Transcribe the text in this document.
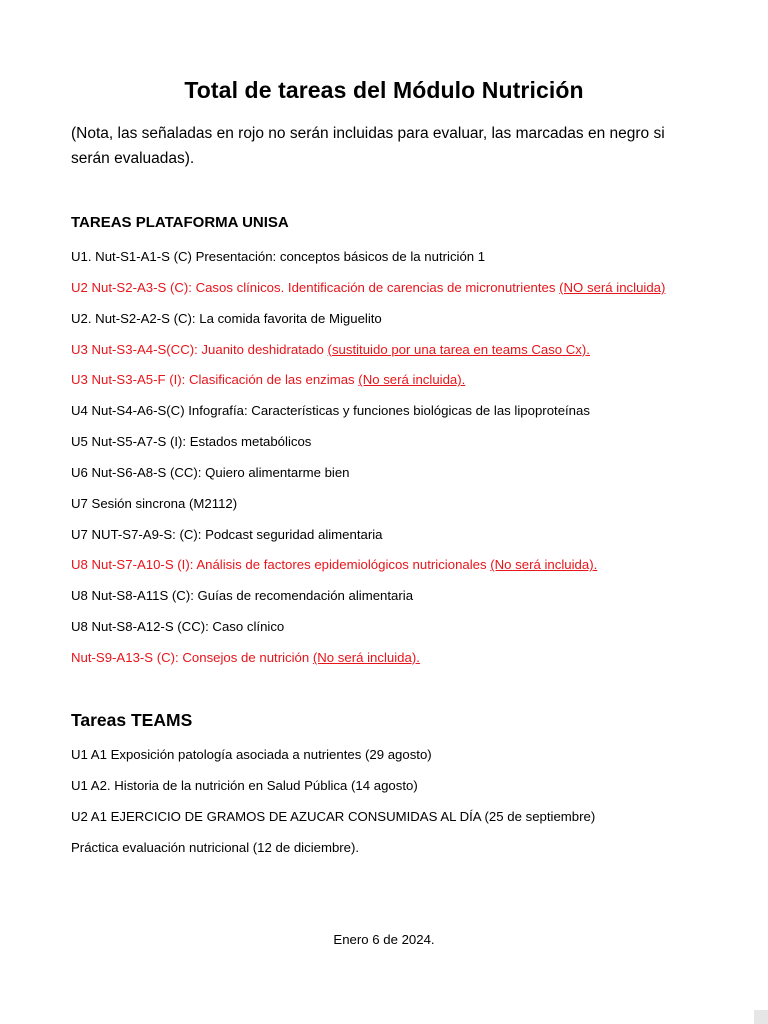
Total de tareas del Módulo Nutrición

(Nota, las señaladas en rojo no serán incluidas para evaluar, las marcadas en negro si serán evaluadas).

TAREAS PLATAFORMA UNISA
U1. Nut-S1-A1-S (C) Presentación: conceptos básicos de la nutrición 1
U2 Nut-S2-A3-S (C): Casos clínicos. Identificación de carencias de micronutrientes (NO será incluida)
U2. Nut-S2-A2-S (C): La comida favorita de Miguelito
U3 Nut-S3-A4-S(CC): Juanito deshidratado (sustituido por una tarea en teams Caso Cx).
U3 Nut-S3-A5-F (I): Clasificación de las enzimas (No será incluida).
U4 Nut-S4-A6-S(C) Infografía: Características y funciones biológicas de las lipoproteínas
U5 Nut-S5-A7-S (I): Estados metabólicos
U6 Nut-S6-A8-S (CC): Quiero alimentarme bien
U7 Sesión sincrona (M2112)
U7 NUT-S7-A9-S: (C): Podcast seguridad alimentaria
U8 Nut-S7-A10-S (I): Análisis de factores epidemiológicos nutricionales (No será incluida).
U8 Nut-S8-A11S (C): Guías de recomendación alimentaria
U8 Nut-S8-A12-S (CC): Caso clínico
Nut-S9-A13-S (C): Consejos de nutrición (No será incluida).
Tareas TEAMS
U1 A1 Exposición patología asociada a nutrientes (29 agosto)
U1 A2. Historia de la nutrición en Salud Pública (14 agosto)
U2 A1 EJERCICIO DE GRAMOS DE AZUCAR CONSUMIDAS AL DÍA (25 de septiembre)
Práctica evaluación nutricional (12 de diciembre).

Enero 6 de 2024.
